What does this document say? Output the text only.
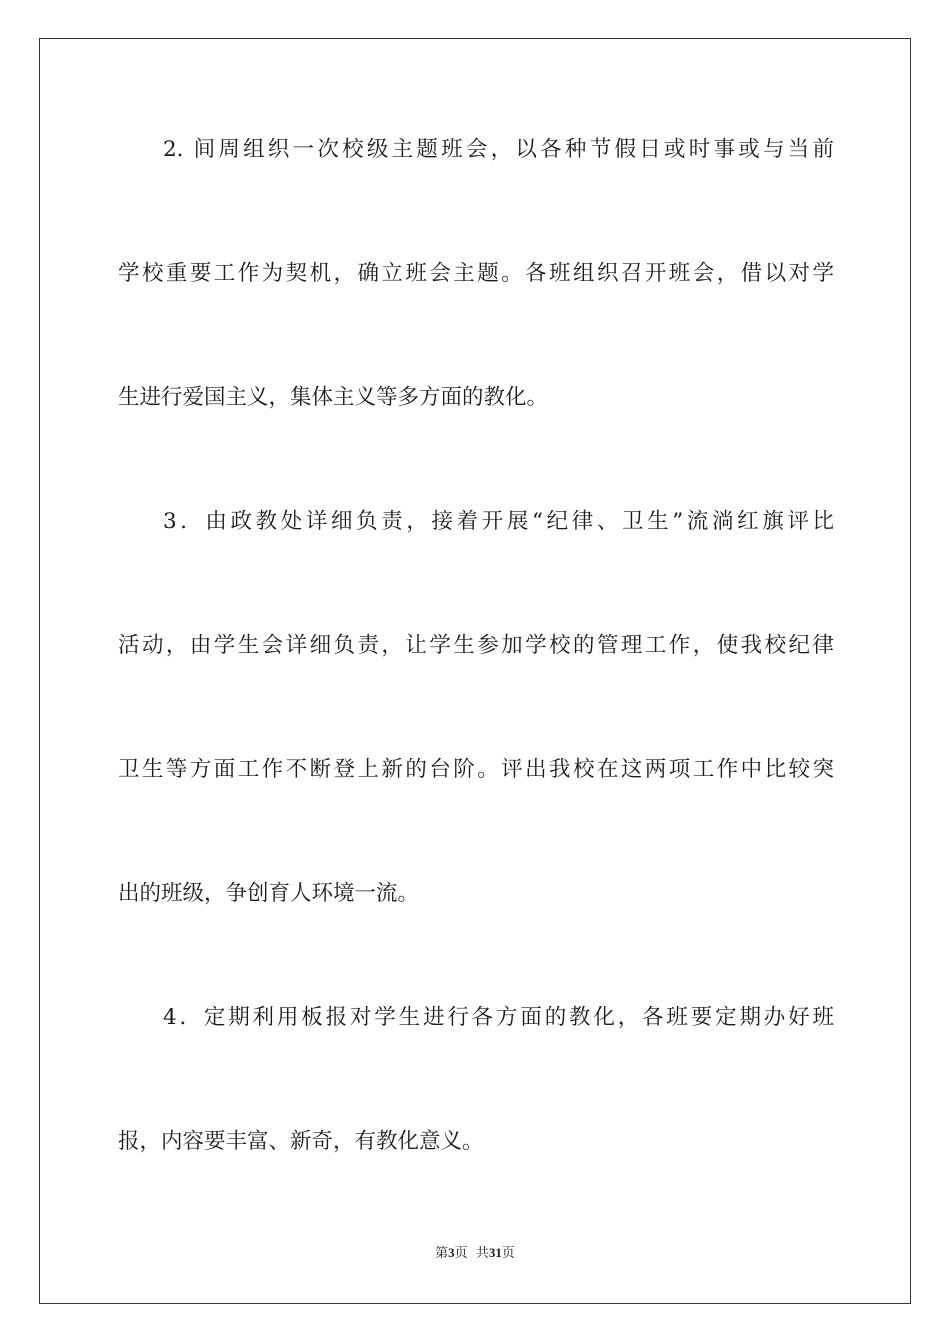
2. 间周组织一次校级主题班会，以各种节假日或时事或与当前
学校重要工作为契机，确立班会主题。各班组织召开班会，借以对学
生进行爱国主义，集体主义等多方面的教化。
3．由政教处详细负责，接着开展“纪律、卫生”流淌红旗评比
活动，由学生会详细负责，让学生参加学校的管理工作，使我校纪律
卫生等方面工作不断登上新的台阶。评出我校在这两项工作中比较突
出的班级，争创育人环境一流。
4．定期利用板报对学生进行各方面的教化，各班要定期办好班
报，内容要丰富、新奇，有教化意义。
第3页  共31页
